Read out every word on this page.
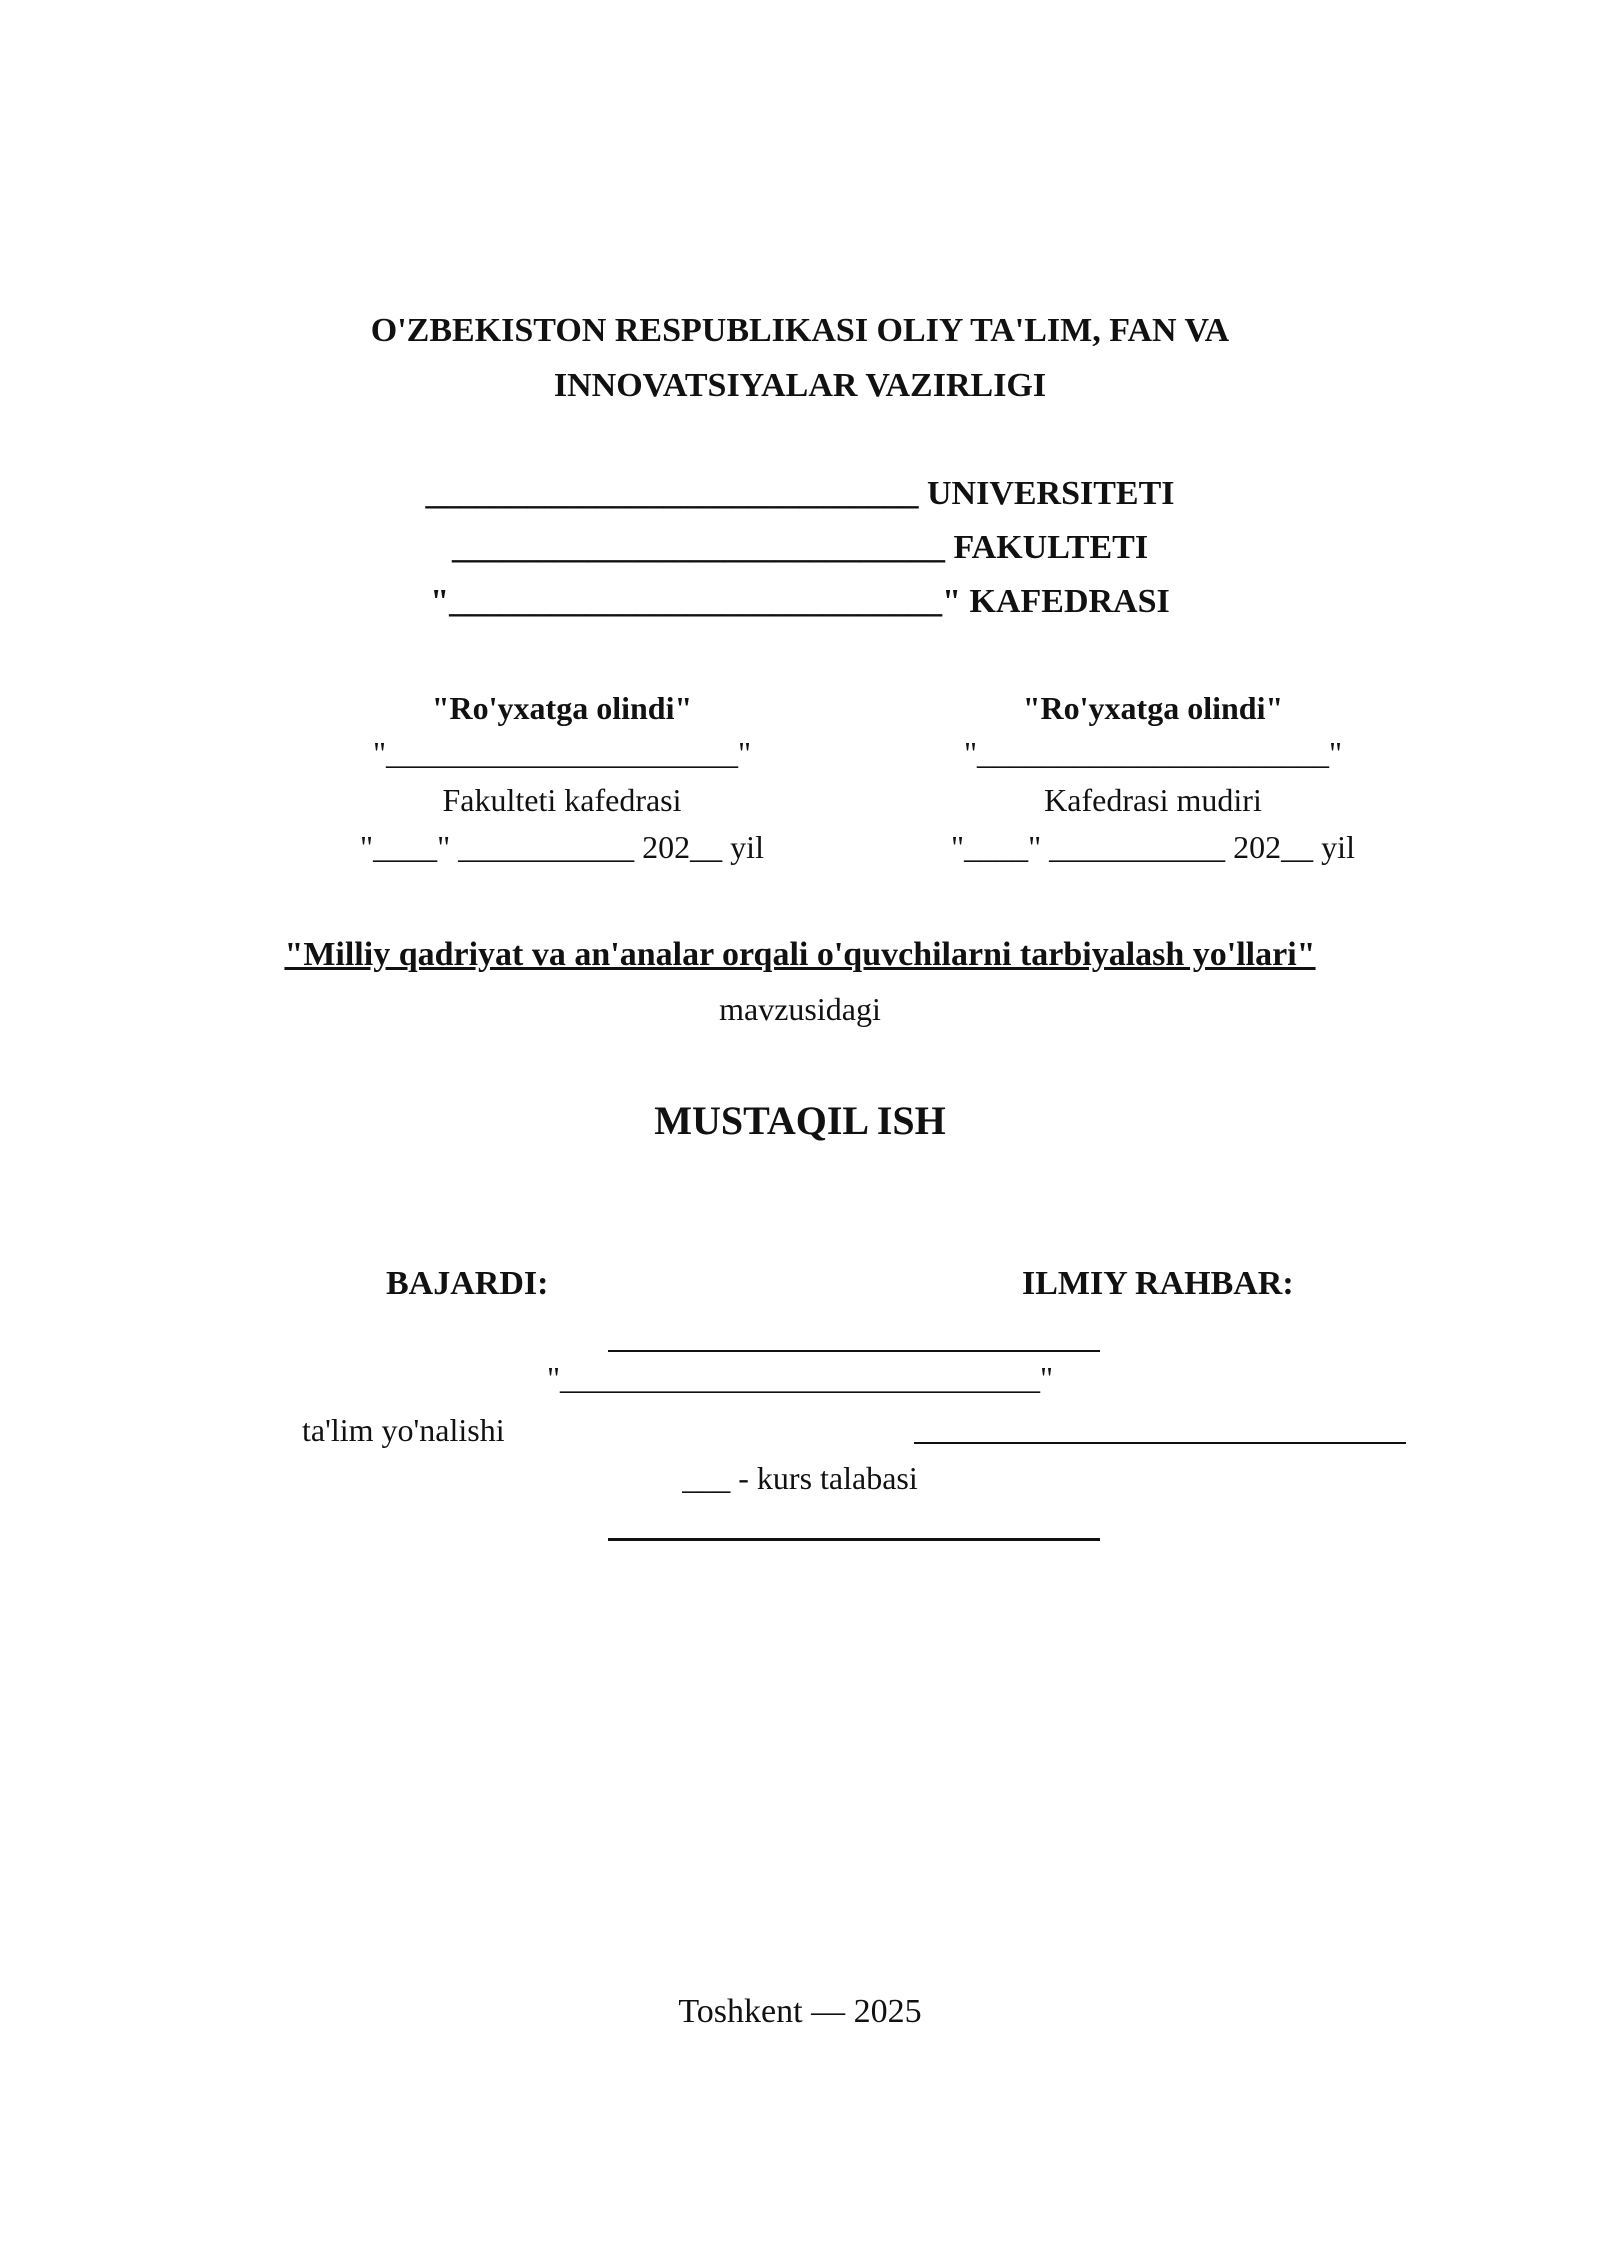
O'ZBEKISTON RESPUBLIKASI OLIY TA'LIM, FAN VA
INNOVATSIYALAR VAZIRLIGI
_____________________________ UNIVERSITETI
_____________________________ FAKULTETI
"_____________________________" KAFEDRASI
"Ro'yxatga olindi"
"______________________"
Fakulteti kafedrasi
"____" ___________ 202__ yil
"Ro'yxatga olindi"
"______________________"
Kafedrasi mudiri
"____" ___________ 202__ yil
"Milliy qadriyat va an'analar orqali o'quvchilarni tarbiyalash yo'llari"
mavzusidagi
MUSTAQIL ISH
BAJARDI:	ILMIY RAHBAR:
"______________________________"
ta'lim yo'nalishi
___ - kurs talabasi
Toshkent — 2025
